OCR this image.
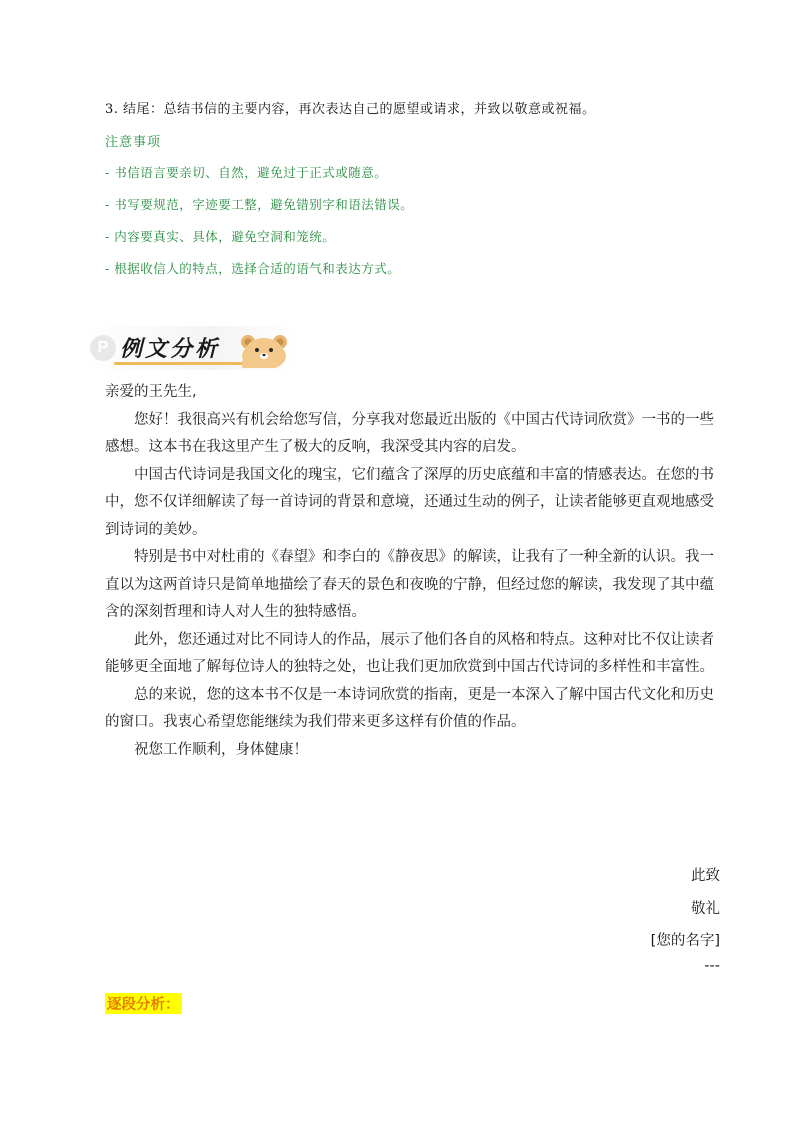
3. 结尾：总结书信的主要内容，再次表达自己的愿望或请求，并致以敬意或祝福。
注意事项
- 书信语言要亲切、自然，避免过于正式或随意。
- 书写要规范，字迹要工整，避免错别字和语法错误。
- 内容要真实、具体，避免空洞和笼统。
- 根据收信人的特点，选择合适的语气和表达方式。
P 例文分析

亲爱的王先生,

您好！我很高兴有机会给您写信，分享我对您最近出版的《中国古代诗词欣赏》一书的一些感想。这本书在我这里产生了极大的反响，我深受其内容的启发。

中国古代诗词是我国文化的瑰宝，它们蕴含了深厚的历史底蕴和丰富的情感表达。在您的书中，您不仅详细解读了每一首诗词的背景和意境，还通过生动的例子，让读者能够更直观地感受到诗词的美妙。

特别是书中对杜甫的《春望》和李白的《静夜思》的解读，让我有了一种全新的认识。我一直以为这两首诗只是简单地描绘了春天的景色和夜晚的宁静，但经过您的解读，我发现了其中蕴含的深刻哲理和诗人对人生的独特感悟。

此外，您还通过对比不同诗人的作品，展示了他们各自的风格和特点。这种对比不仅让读者能够更全面地了解每位诗人的独特之处，也让我们更加欣赏到中国古代诗词的多样性和丰富性。

总的来说，您的这本书不仅是一本诗词欣赏的指南，更是一本深入了解中国古代文化和历史的窗口。我衷心希望您能继续为我们带来更多这样有价值的作品。

祝您工作顺利，身体健康！

此致
敬礼
[您的名字]
---
逐段分析：
